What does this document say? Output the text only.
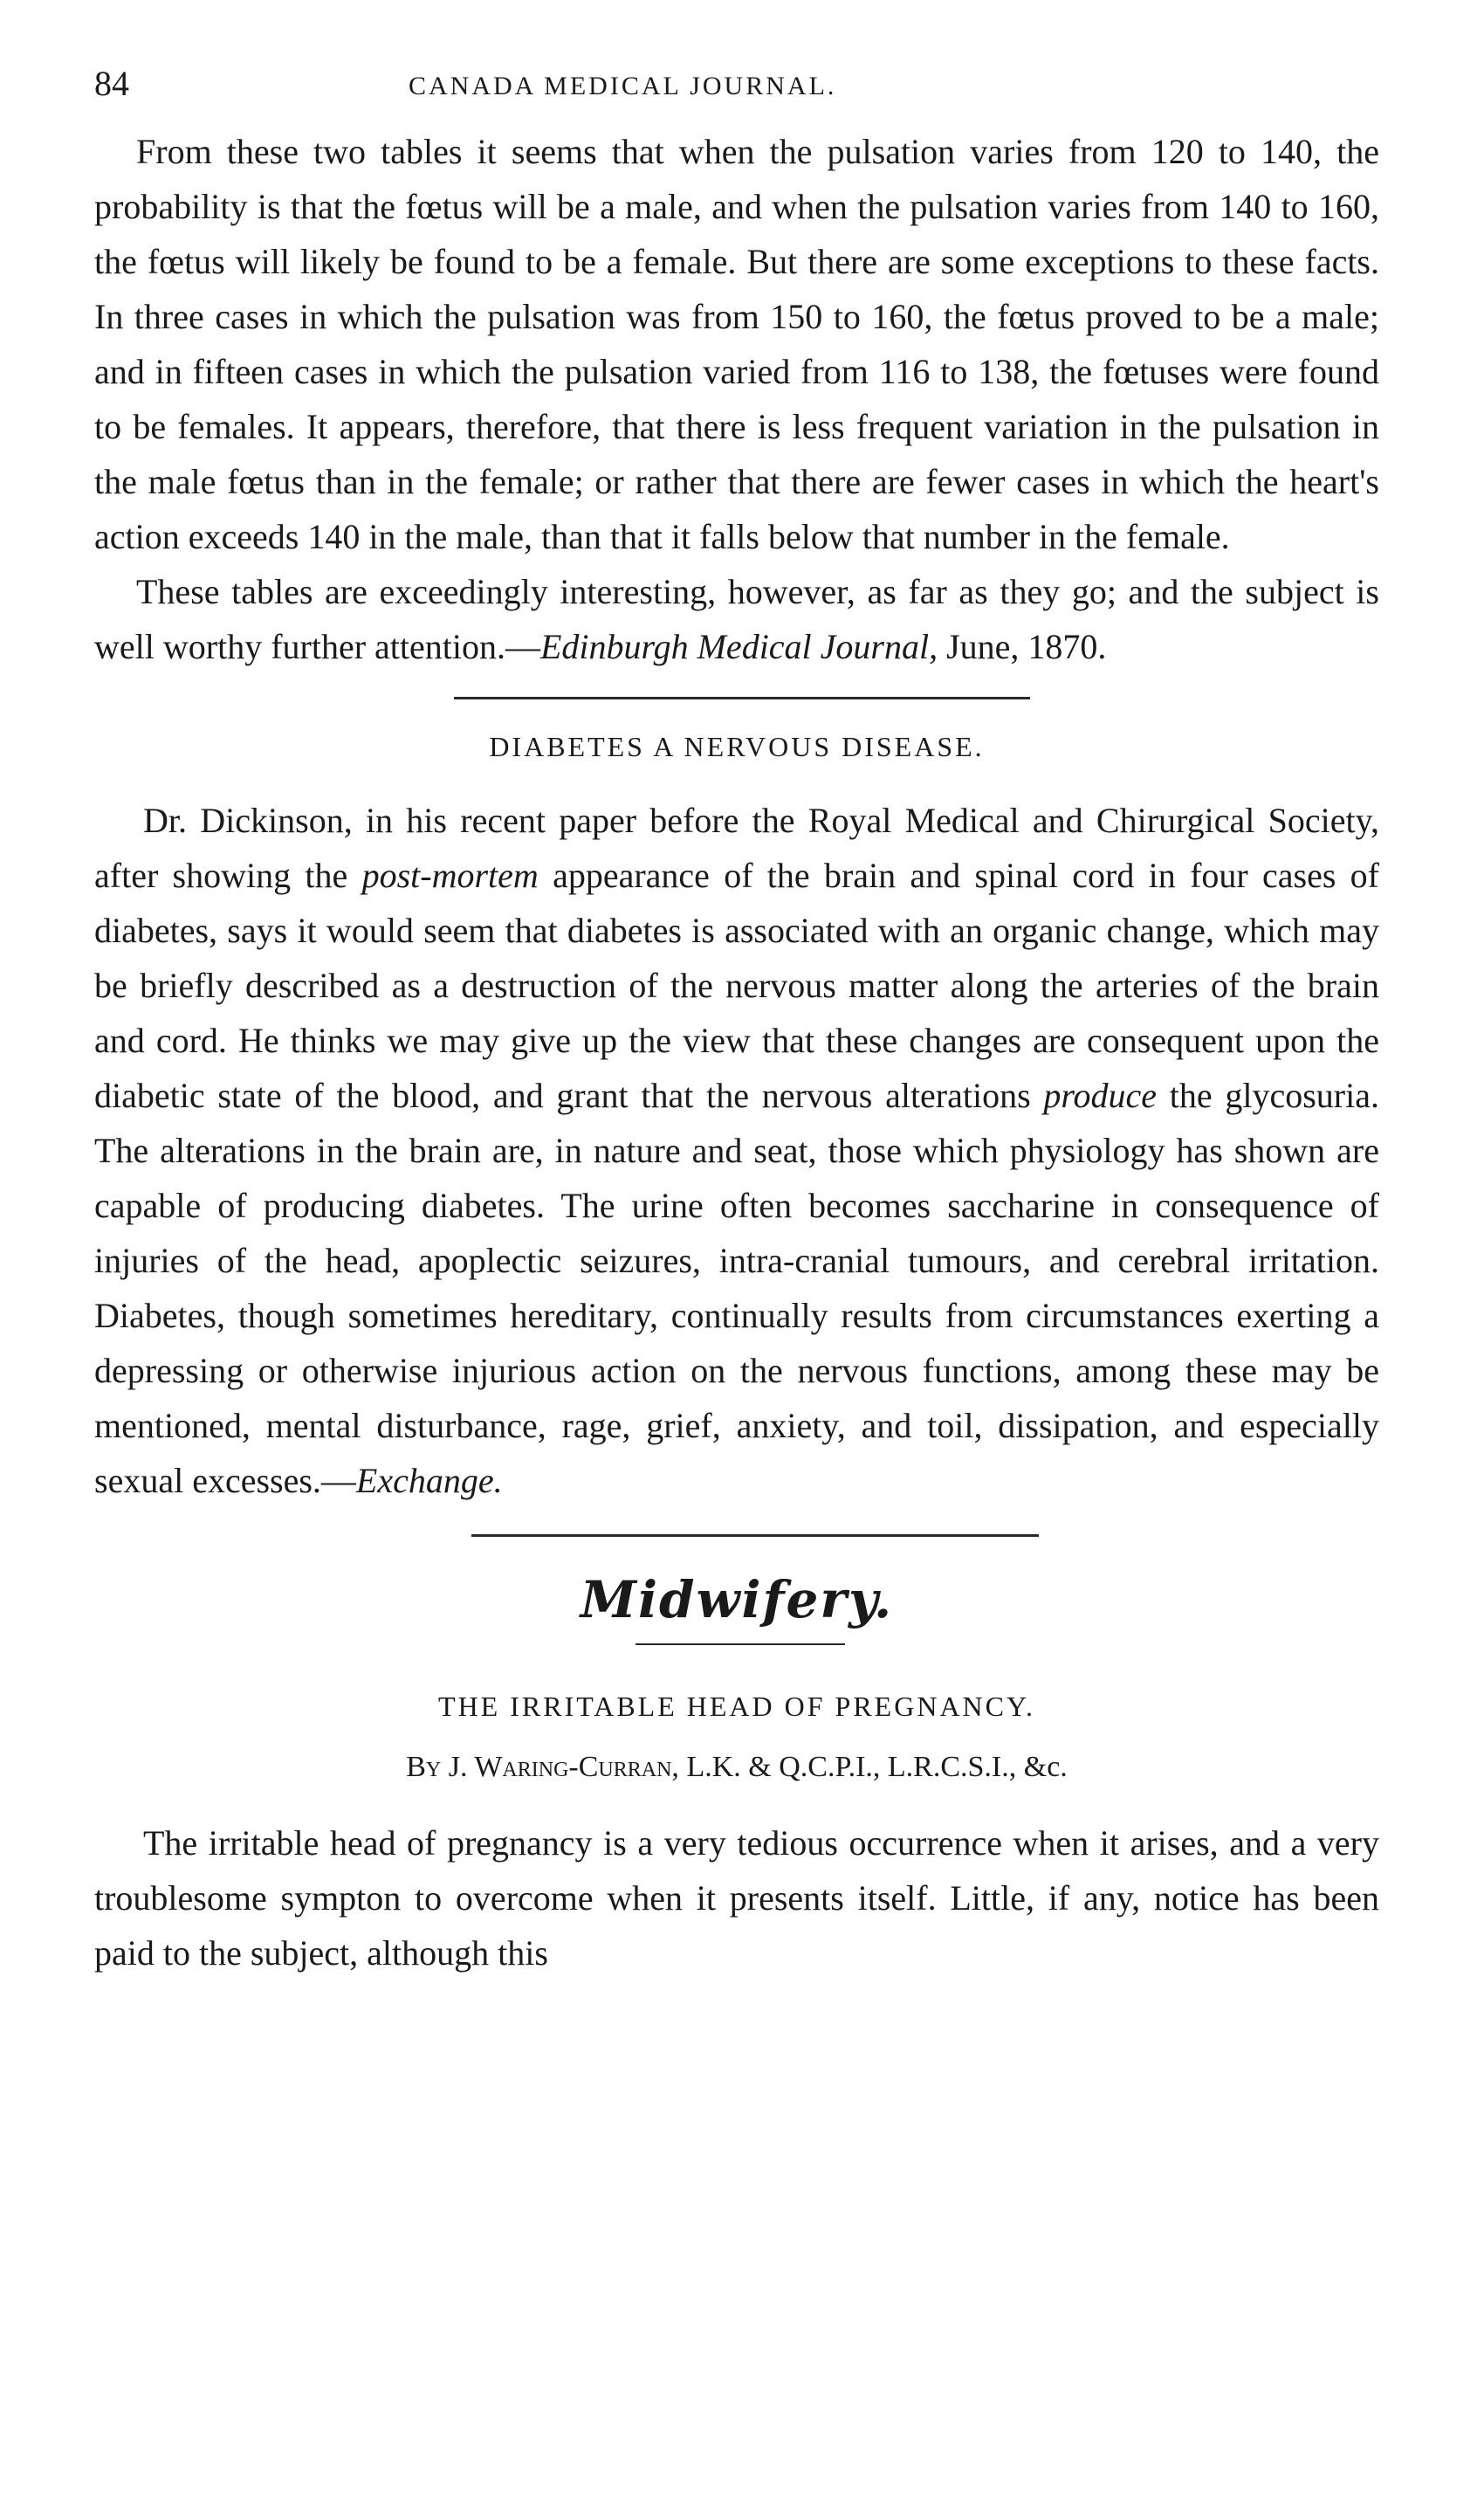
84	CANADA MEDICAL JOURNAL.

From these two tables it seems that when the pulsation varies from 120 to 140, the probability is that the fœtus will be a male, and when the pulsation varies from 140 to 160, the fœtus will likely be found to be a female. But there are some exceptions to these facts. In three cases in which the pulsation was from 150 to 160, the fœtus proved to be a male; and in fifteen cases in which the pulsation varied from 116 to 138, the fœtuses were found to be females. It appears, therefore, that there is less frequent variation in the pulsation in the male fœtus than in the female; or rather that there are fewer cases in which the heart's action exceeds 140 in the male, than that it falls below that number in the female.

These tables are exceedingly interesting, however, as far as they go; and the subject is well worthy further attention.—Edinburgh Medical Journal, June, 1870.

DIABETES A NERVOUS DISEASE.

Dr. Dickinson, in his recent paper before the Royal Medical and Chirurgical Society, after showing the post-mortem appearance of the brain and spinal cord in four cases of diabetes, says it would seem that diabetes is associated with an organic change, which may be briefly described as a destruction of the nervous matter along the arteries of the brain and cord. He thinks we may give up the view that these changes are consequent upon the diabetic state of the blood, and grant that the nervous alterations produce the glycosuria. The alterations in the brain are, in nature and seat, those which physiology has shown are capable of producing diabetes. The urine often becomes saccharine in consequence of injuries of the head, apoplectic seizures, intra-cranial tumours, and cerebral irritation. Diabetes, though sometimes hereditary, continually results from circumstances exerting a depressing or otherwise injurious action on the nervous functions, among these may be mentioned, mental disturbance, rage, grief, anxiety, and toil, dissipation, and especially sexual excesses.—Exchange.

Midwifery.
THE IRRITABLE HEAD OF PREGNANCY.
By J. Waring-Curran, L.K. & Q.C.P.I., L.R.C.S.I., &c.

The irritable head of pregnancy is a very tedious occurrence when it arises, and a very troublesome sympton to overcome when it presents itself. Little, if any, notice has been paid to the subject, although this
